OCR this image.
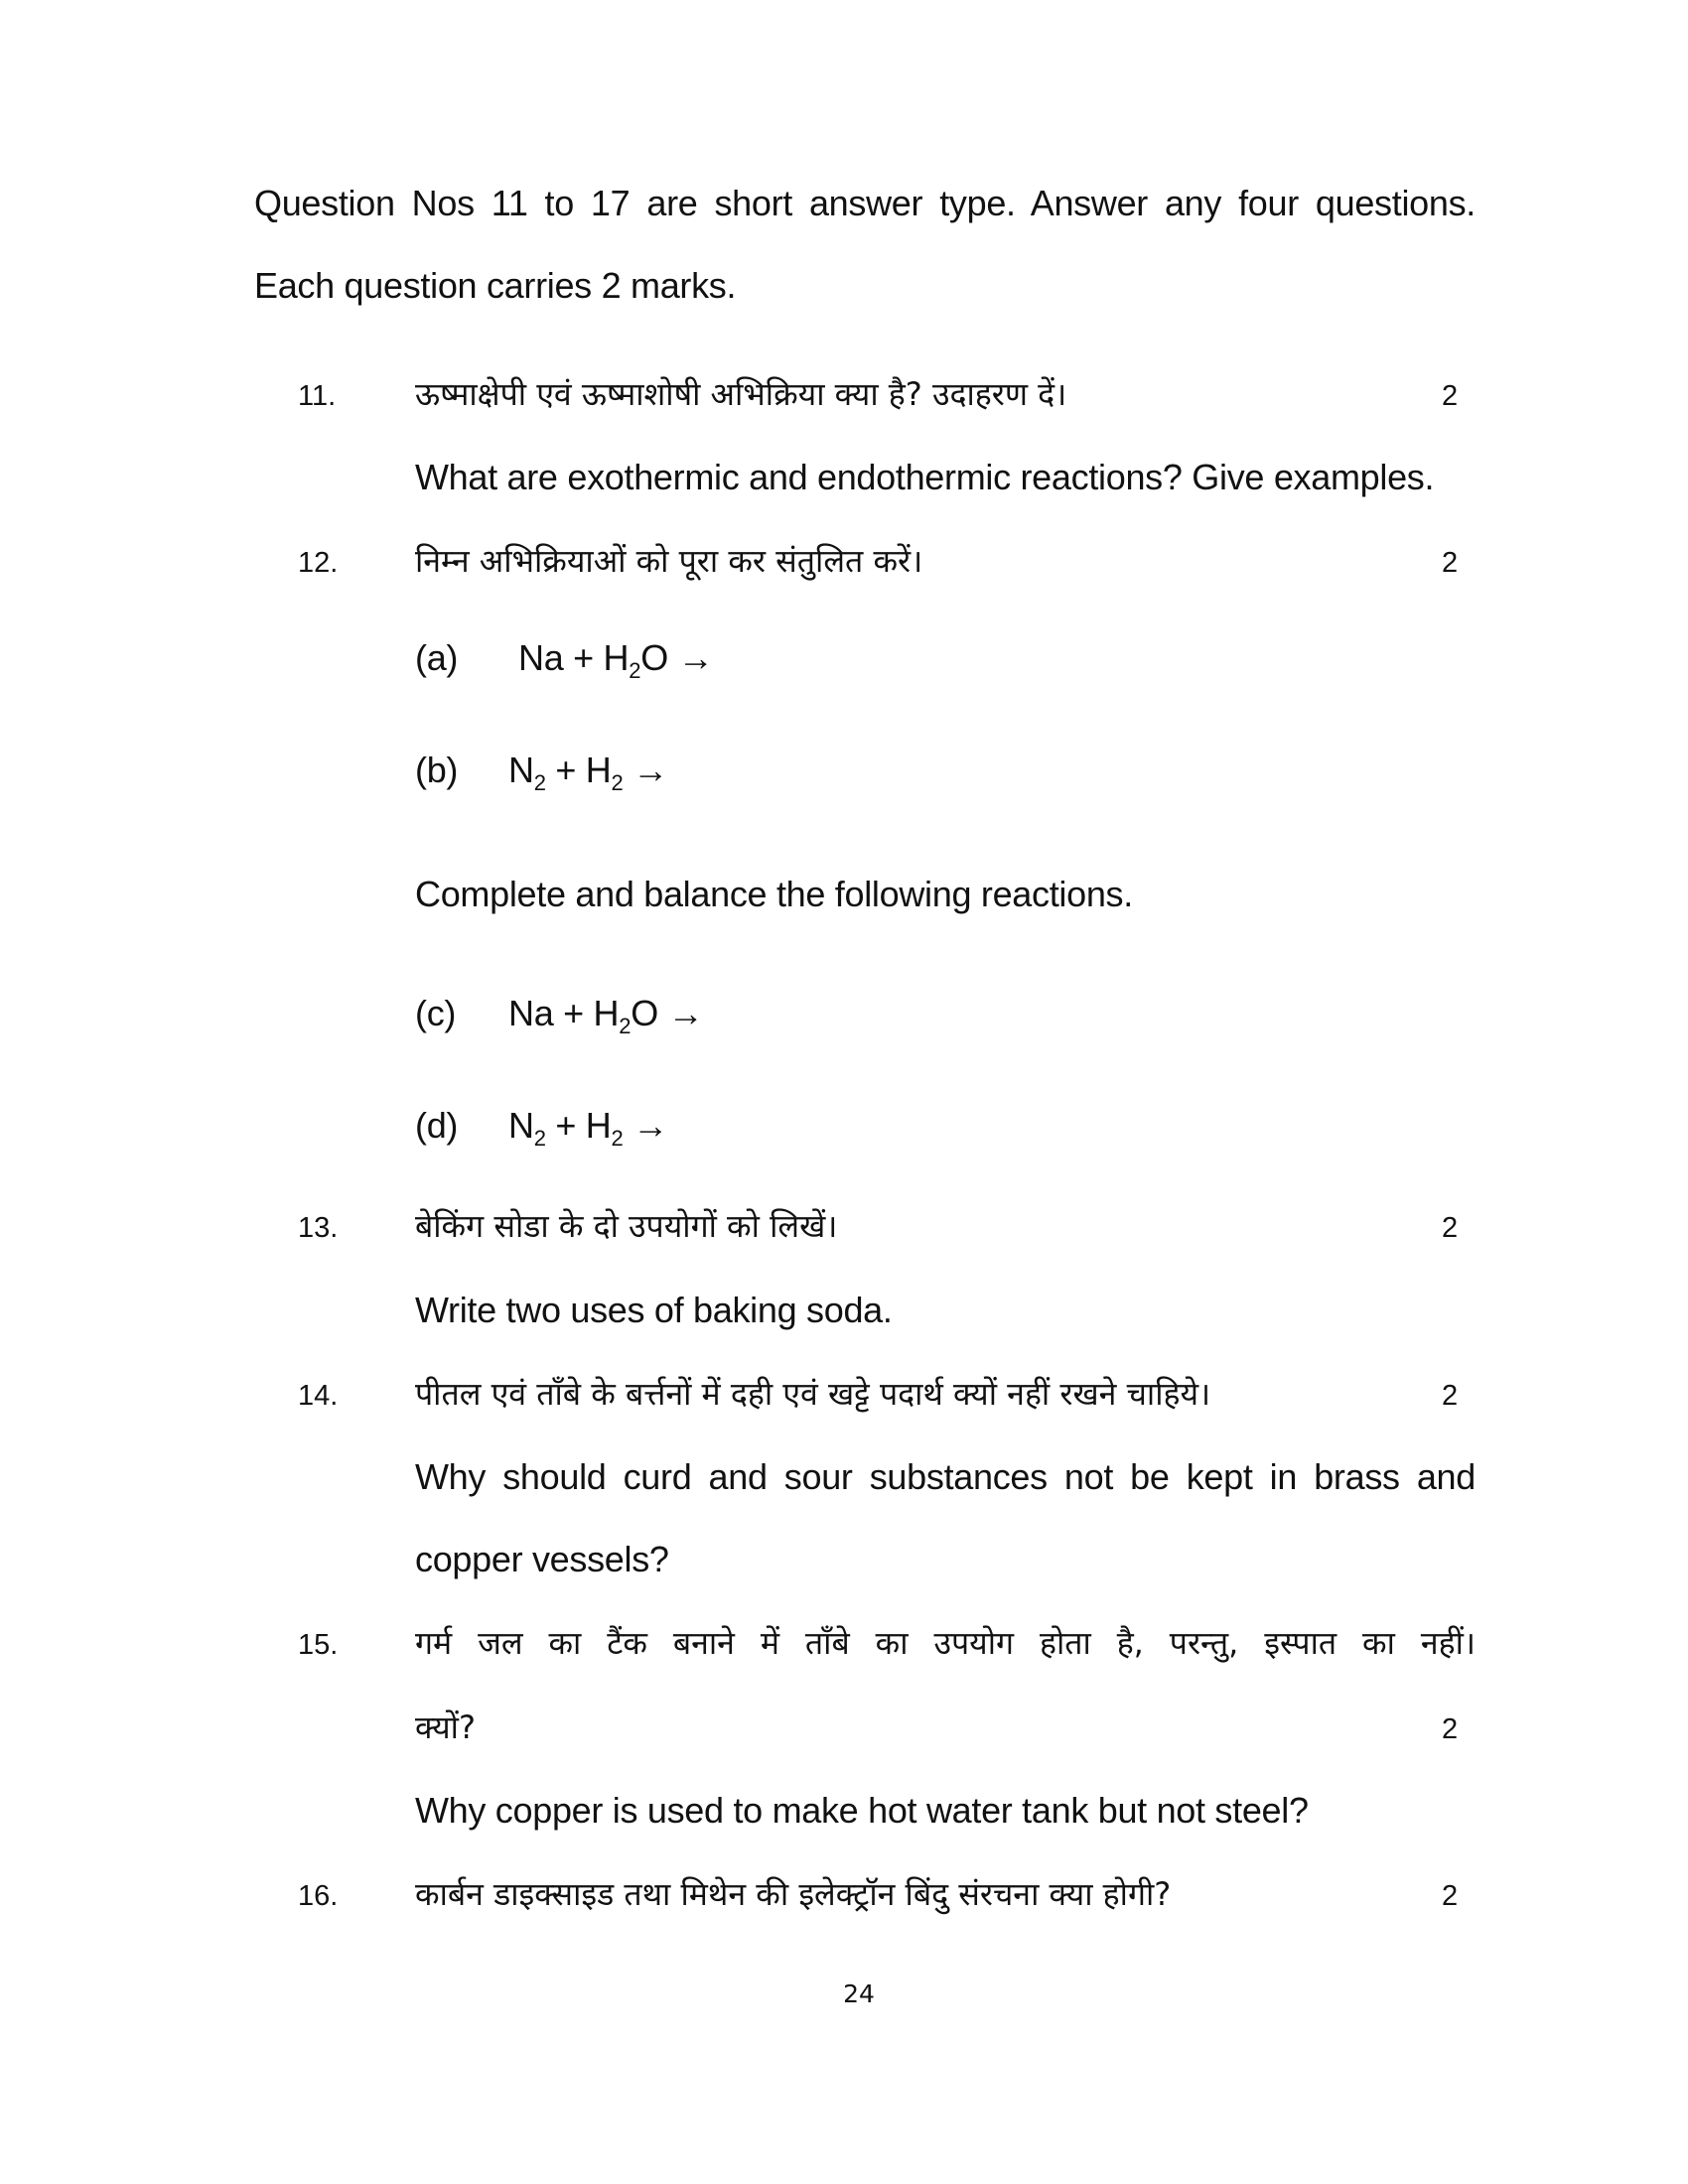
Question Nos 11 to 17 are short answer type. Answer any four questions.
Each question carries 2 marks.
11. ऊष्माक्षेपी एवं ऊष्माशोषी अभिक्रिया क्या है? उदाहरण दें।	2
What are exothermic and endothermic reactions? Give examples.
12. निम्न अभिक्रियाओं को पूरा कर संतुलित करें।	2
(a) $Na + H_2O$ →
(b) $N_2 + H_2$ →
Complete and balance the following reactions.
(c) $Na + H_2O$ →
(d) $N_2 + H_2$ →
13. बेकिंग सोडा के दो उपयोगों को लिखें।	2
Write two uses of baking soda.
14. पीतल एवं ताँबे के बर्त्तनों में दही एवं खट्टे पदार्थ क्यों नहीं रखने चाहिये।	2
Why should curd and sour substances not be kept in brass and
copper vessels?
15. गर्म जल का टैंक बनाने में ताँबे का उपयोग होता है, परन्तु, इस्पात का नहीं।
क्यों?	2
Why copper is used to make hot water tank but not steel?
16. कार्बन डाइक्साइड तथा मिथेन की इलेक्ट्रॉन बिंदु संरचना क्या होगी?	2
24
